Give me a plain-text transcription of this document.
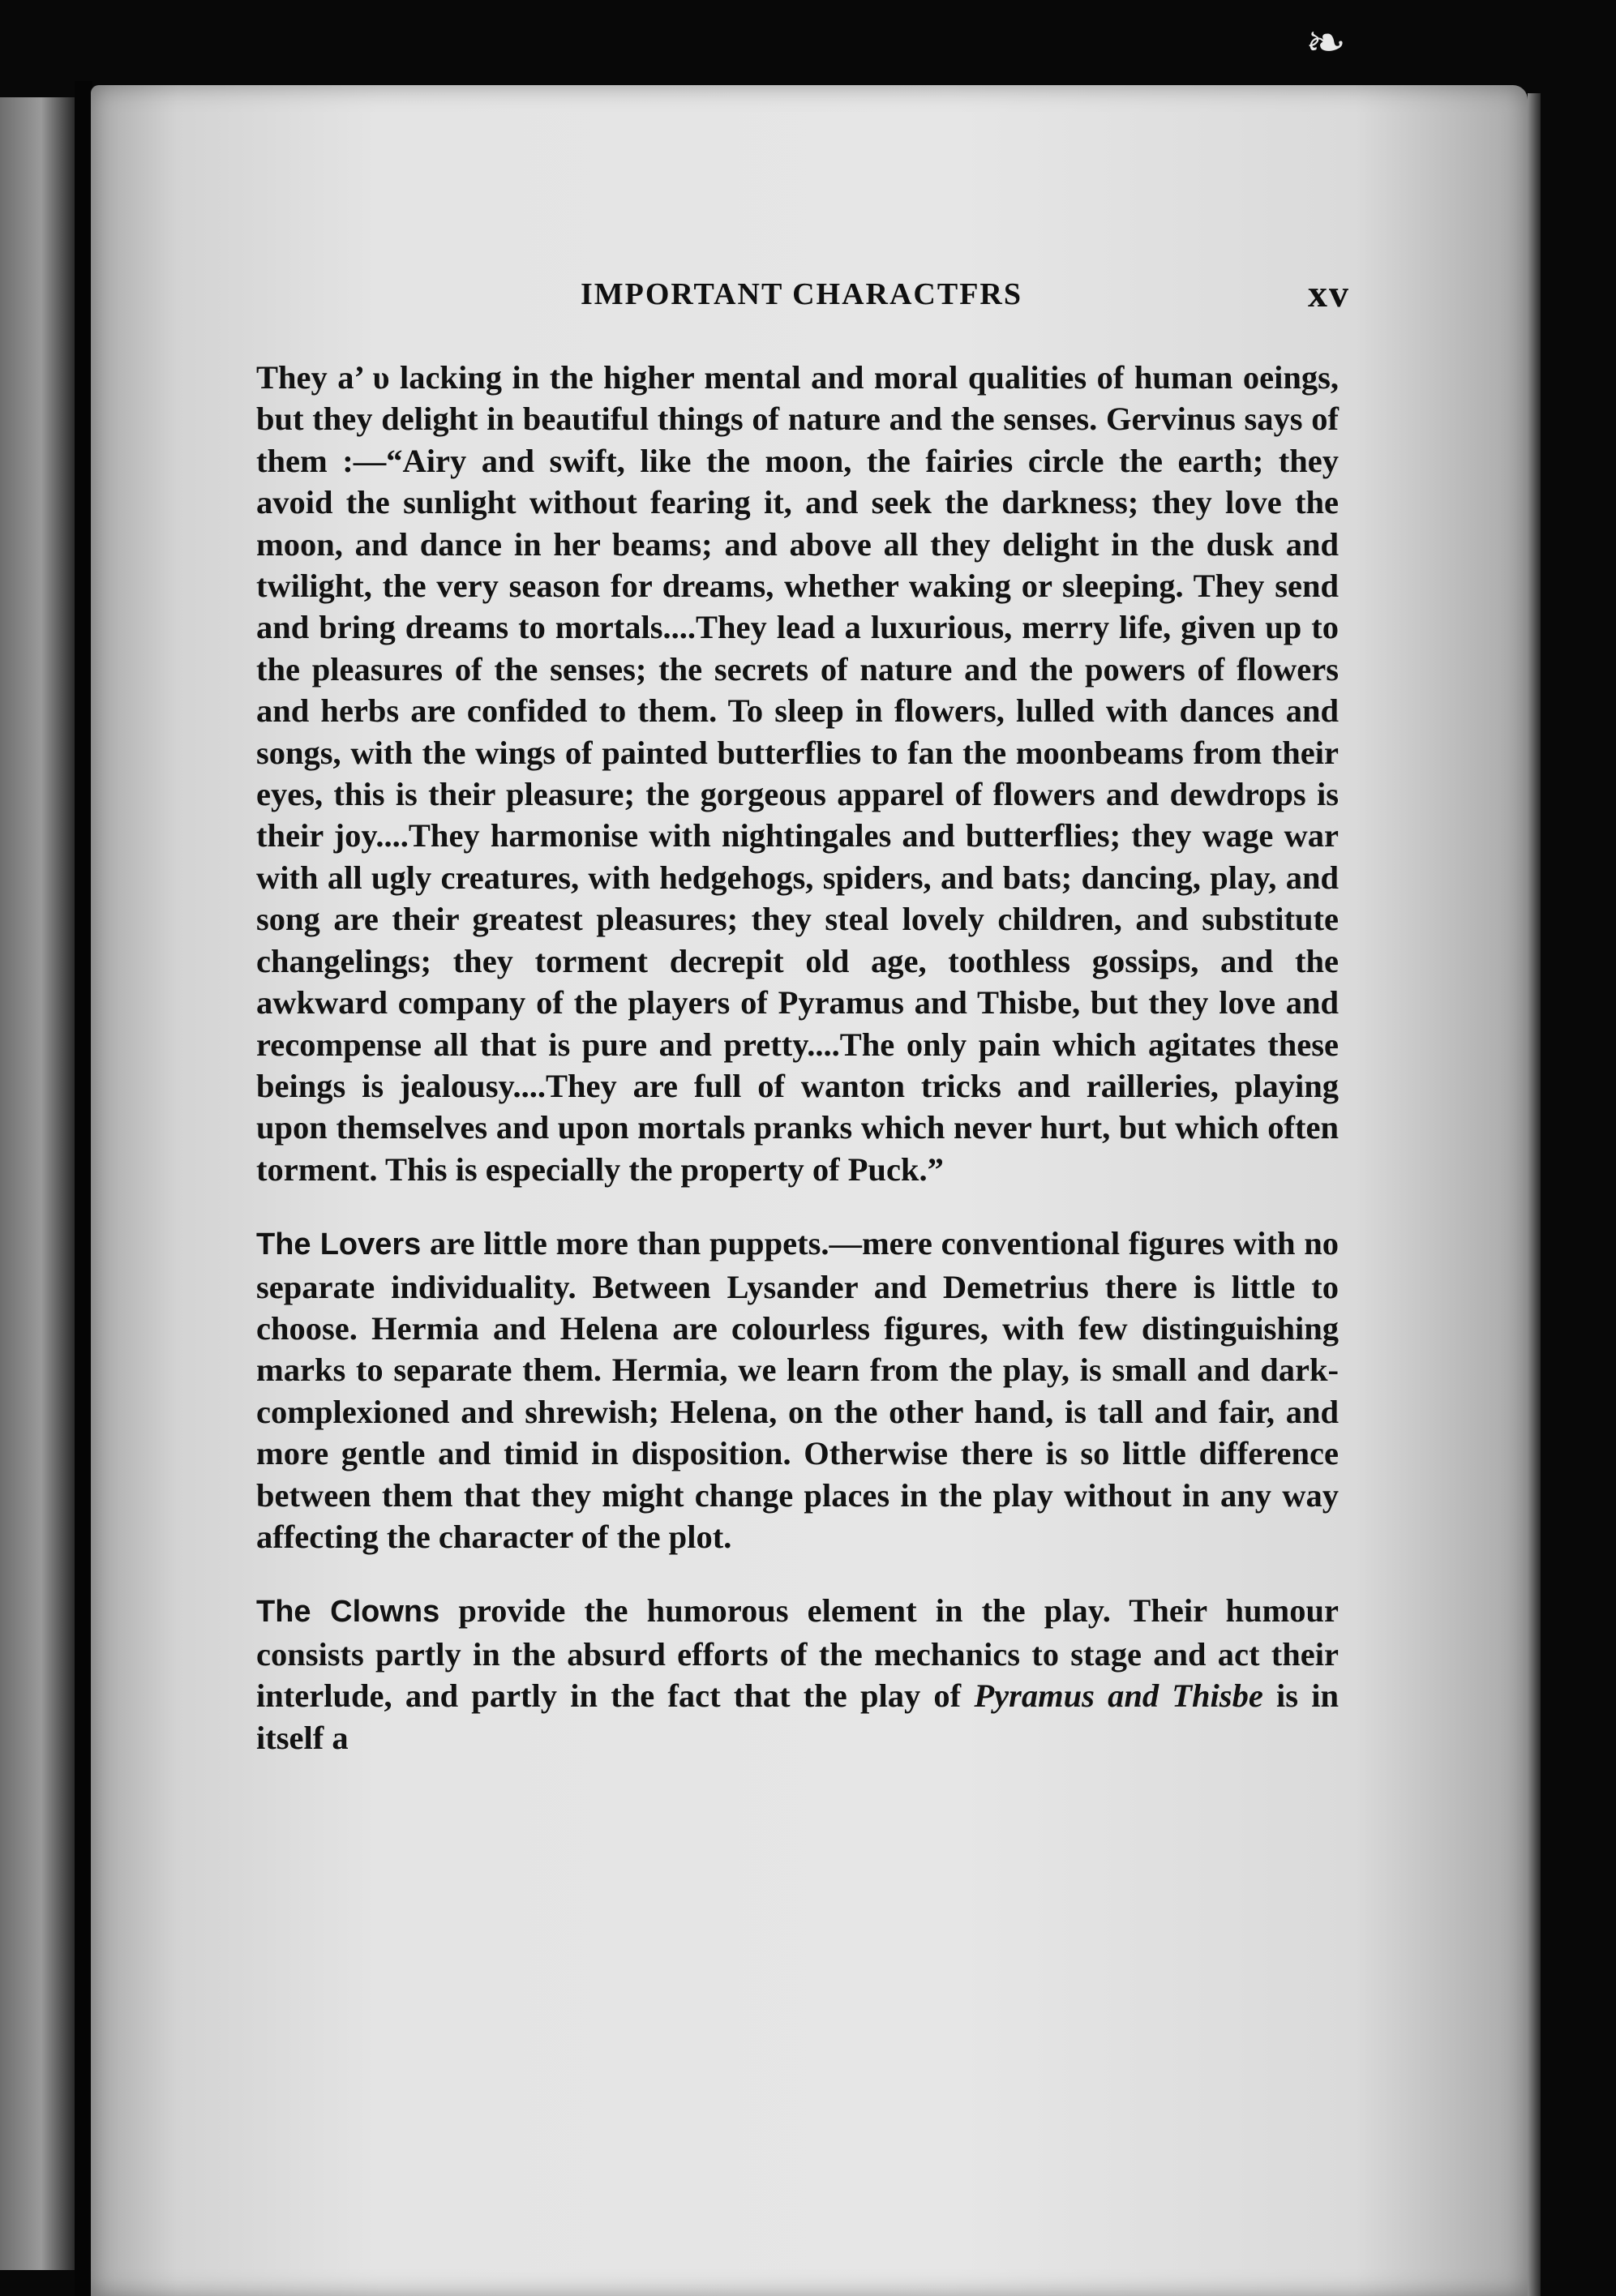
❧
IMPORTANT CHARACTFRS	xv

They a’ υ lacking in the higher mental and moral qualities of human oeings, but they delight in beautiful things of nature and the senses. Gervinus says of them :—“Airy and swift, like the moon, the fairies circle the earth; they avoid the sunlight without fearing it, and seek the darkness; they love the moon, and dance in her beams; and above all they delight in the dusk and twilight, the very season for dreams, whether waking or sleeping. They send and bring dreams to mortals....They lead a luxurious, merry life, given up to the pleasures of the senses; the secrets of nature and the powers of flowers and herbs are confided to them. To sleep in flowers, lulled with dances and songs, with the wings of painted butterflies to fan the moonbeams from their eyes, this is their pleasure; the gorgeous apparel of flowers and dewdrops is their joy....They harmonise with nightingales and butterflies; they wage war with all ugly creatures, with hedgehogs, spiders, and bats; dancing, play, and song are their greatest pleasures; they steal lovely children, and substitute changelings; they torment decrepit old age, toothless gossips, and the awkward company of the players of Pyramus and Thisbe, but they love and recompense all that is pure and pretty....The only pain which agitates these beings is jealousy....They are full of wanton tricks and railleries, playing upon themselves and upon mortals pranks which never hurt, but which often torment. This is especially the property of Puck.”

The Lovers are little more than puppets.—mere conventional figures with no separate individuality. Between Lysander and Demetrius there is little to choose. Hermia and Helena are colourless figures, with few distinguishing marks to separate them. Hermia, we learn from the play, is small and dark-complexioned and shrewish; Helena, on the other hand, is tall and fair, and more gentle and timid in disposition. Otherwise there is so little difference between them that they might change places in the play without in any way affecting the character of the plot.

The Clowns provide the humorous element in the play. Their humour consists partly in the absurd efforts of the mechanics to stage and act their interlude, and partly in the fact that the play of Pyramus and Thisbe is in itself a
